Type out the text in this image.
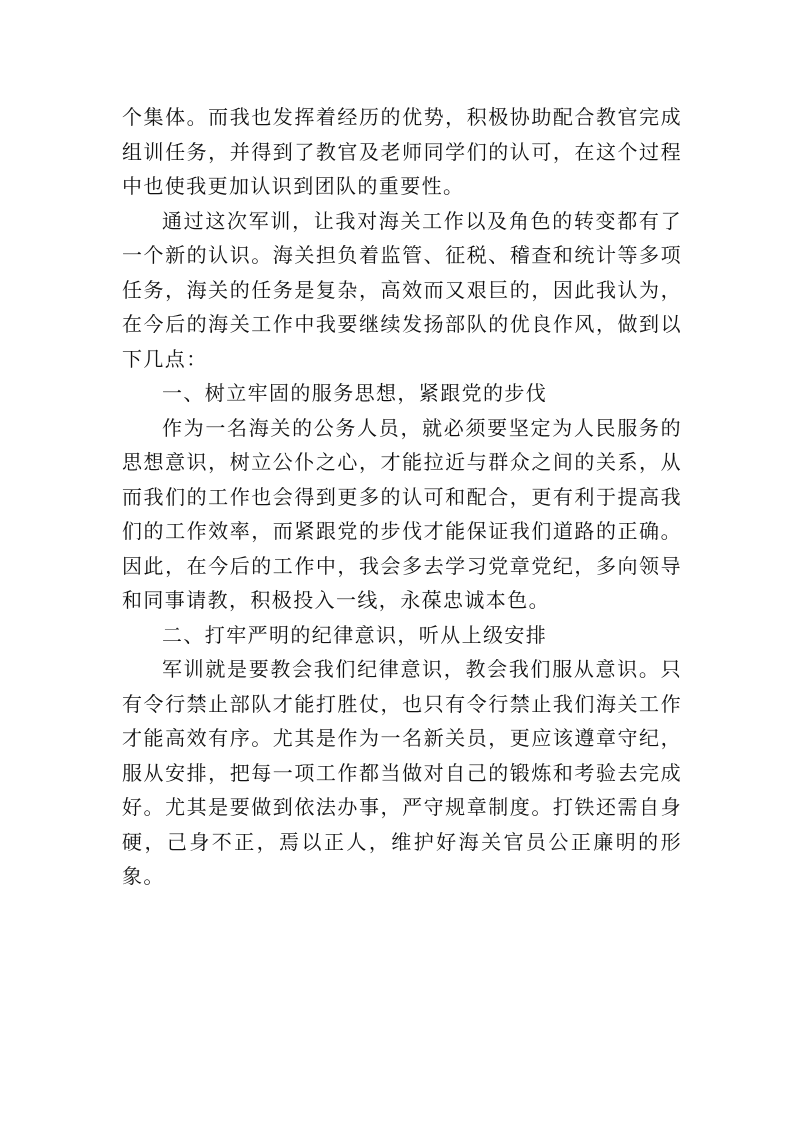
个集体。而我也发挥着经历的优势，积极协助配合教官完成组训任务，并得到了教官及老师同学们的认可，在这个过程中也使我更加认识到团队的重要性。

通过这次军训，让我对海关工作以及角色的转变都有了一个新的认识。海关担负着监管、征税、稽查和统计等多项任务，海关的任务是复杂，高效而又艰巨的，因此我认为，在今后的海关工作中我要继续发扬部队的优良作风，做到以下几点：

一、树立牢固的服务思想，紧跟党的步伐

作为一名海关的公务人员，就必须要坚定为人民服务的思想意识，树立公仆之心，才能拉近与群众之间的关系，从而我们的工作也会得到更多的认可和配合，更有利于提高我们的工作效率，而紧跟党的步伐才能保证我们道路的正确。因此，在今后的工作中，我会多去学习党章党纪，多向领导和同事请教，积极投入一线，永葆忠诚本色。

二、打牢严明的纪律意识，听从上级安排

军训就是要教会我们纪律意识，教会我们服从意识。只有令行禁止部队才能打胜仗，也只有令行禁止我们海关工作才能高效有序。尤其是作为一名新关员，更应该遵章守纪，服从安排，把每一项工作都当做对自己的锻炼和考验去完成好。尤其是要做到依法办事，严守规章制度。打铁还需自身硬，己身不正，焉以正人，维护好海关官员公正廉明的形象。
